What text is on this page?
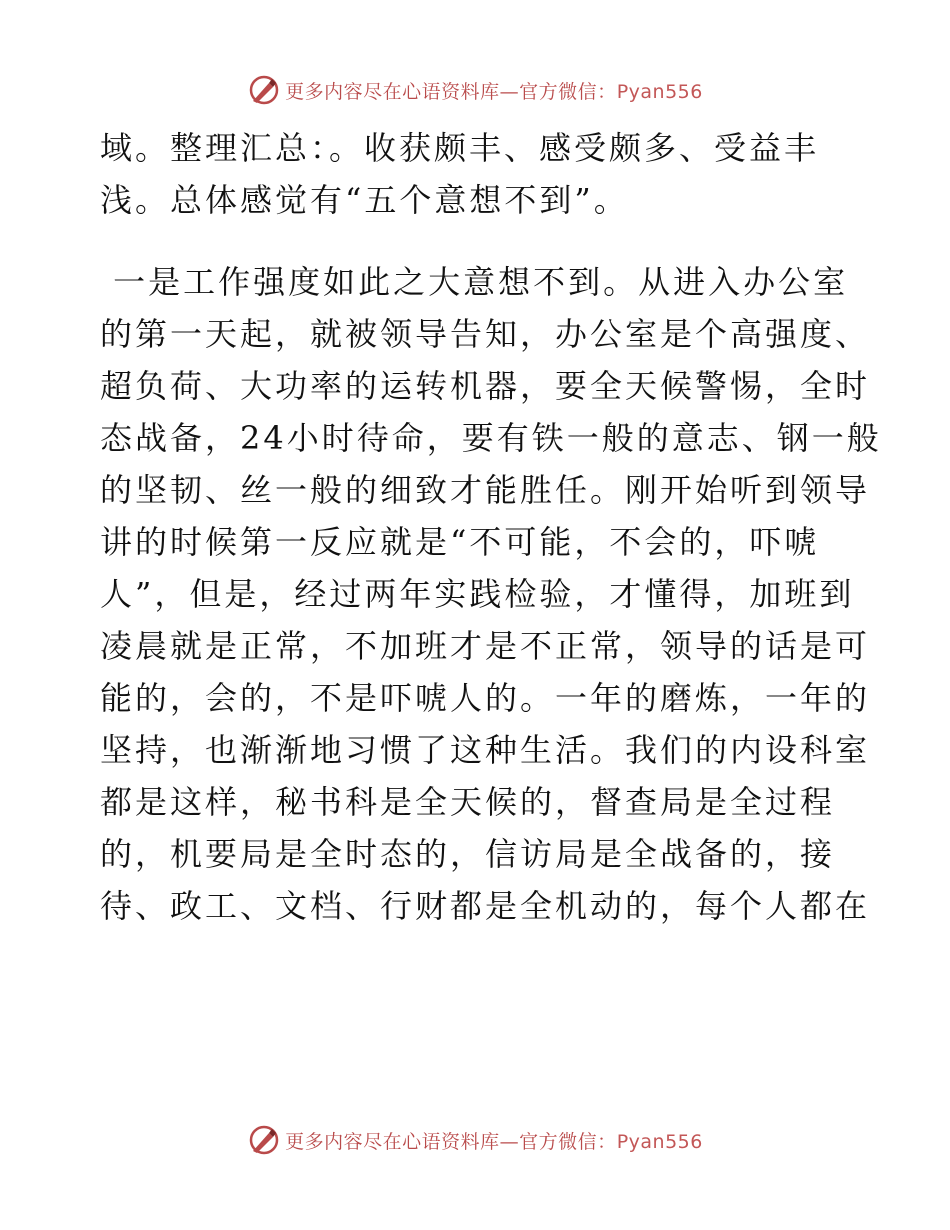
更多内容尽在心语资料库—官方微信：Pyan556
域。整理汇总：。收获颇丰、感受颇多、受益丰
浅。总体感觉有“五个意想不到”。
一是工作强度如此之大意想不到。从进入办公室
的第一天起，就被领导告知，办公室是个高强度、
超负荷、大功率的运转机器，要全天候警惕，全时
态战备，24小时待命，要有铁一般的意志、钢一般
的坚韧、丝一般的细致才能胜任。刚开始听到领导
讲的时候第一反应就是“不可能，不会的，吓唬
人”，但是，经过两年实践检验，才懂得，加班到
凌晨就是正常，不加班才是不正常，领导的话是可
能的，会的，不是吓唬人的。一年的磨炼，一年的
坚持，也渐渐地习惯了这种生活。我们的内设科室
都是这样，秘书科是全天候的，督查局是全过程
的，机要局是全时态的，信访局是全战备的，接
待、政工、文档、行财都是全机动的，每个人都在
更多内容尽在心语资料库—官方微信：Pyan556
